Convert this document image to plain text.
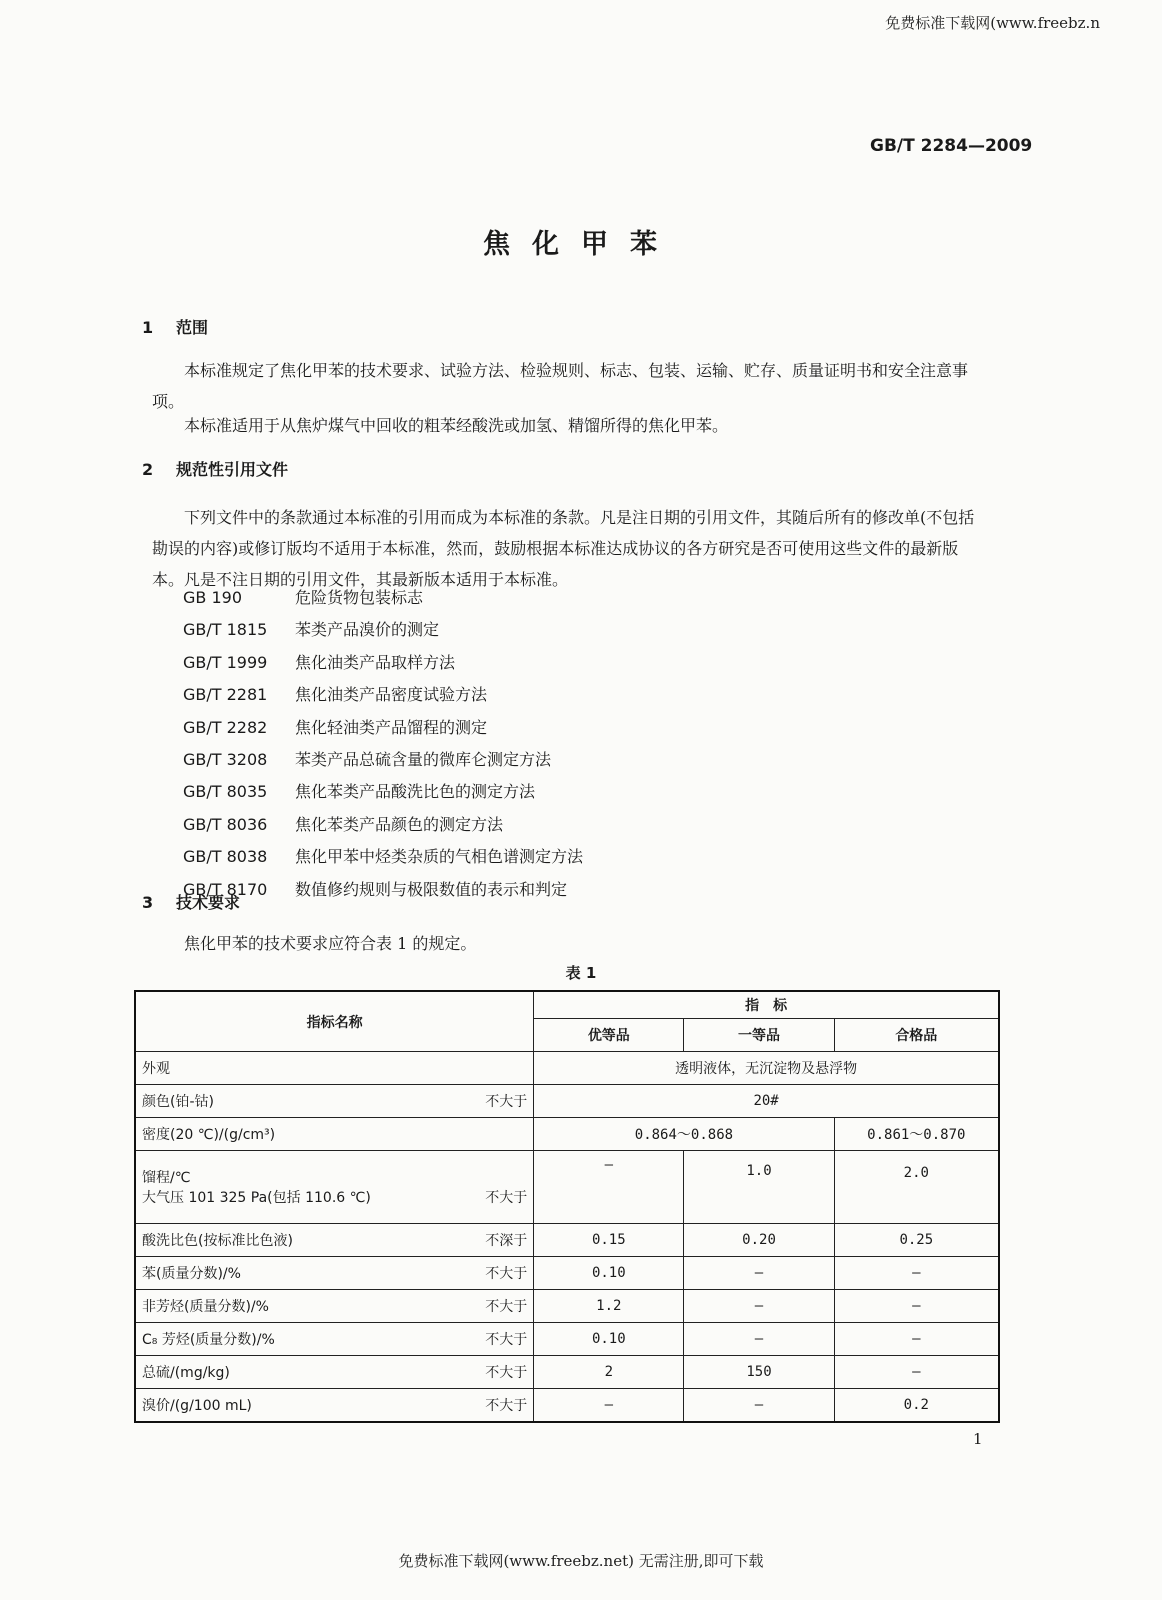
免费标准下载网(www.freebz.n
GB/T 2284—2009
焦化甲苯
1 范围
本标准规定了焦化甲苯的技术要求、试验方法、检验规则、标志、包装、运输、贮存、质量证明书和安全注意事项。
本标准适用于从焦炉煤气中回收的粗苯经酸洗或加氢、精馏所得的焦化甲苯。
2 规范性引用文件
下列文件中的条款通过本标准的引用而成为本标准的条款。凡是注日期的引用文件，其随后所有的修改单(不包括勘误的内容)或修订版均不适用于本标准，然而，鼓励根据本标准达成协议的各方研究是否可使用这些文件的最新版本。凡是不注日期的引用文件，其最新版本适用于本标准。
GB 190	危险货物包装标志
GB/T 1815	苯类产品溴价的测定
GB/T 1999	焦化油类产品取样方法
GB/T 2281	焦化油类产品密度试验方法
GB/T 2282	焦化轻油类产品馏程的测定
GB/T 3208	苯类产品总硫含量的微库仑测定方法
GB/T 8035	焦化苯类产品酸洗比色的测定方法
GB/T 8036	焦化苯类产品颜色的测定方法
GB/T 8038	焦化甲苯中烃类杂质的气相色谱测定方法
GB/T 8170	数值修约规则与极限数值的表示和判定
3 技术要求
焦化甲苯的技术要求应符合表 1 的规定。
表 1
指标名称	指　标		
	优等品	一等品	合格品
外观	透明液体，无沉淀物及悬浮物		
颜色(铂-钴) 不大于	20#		
密度(20 ℃)/(g/cm³)	0.864～0.868		0.861～0.870

馏程/℃
大气压 101 325 Pa(包括 110.6 ℃) 不大于	—	1.0	2.0
酸洗比色(按标准比色液) 不深于	0.15	0.20	0.25
苯(质量分数)/% 不大于	0.10	—	—
非芳烃(质量分数)/% 不大于	1.2	—	—
C₈ 芳烃(质量分数)/% 不大于	0.10	—	—
总硫/(mg/kg) 不大于	2	150	—
溴价/(g/100 mL) 不大于	—	—	0.2
1
免费标准下载网(www.freebz.net) 无需注册,即可下载
